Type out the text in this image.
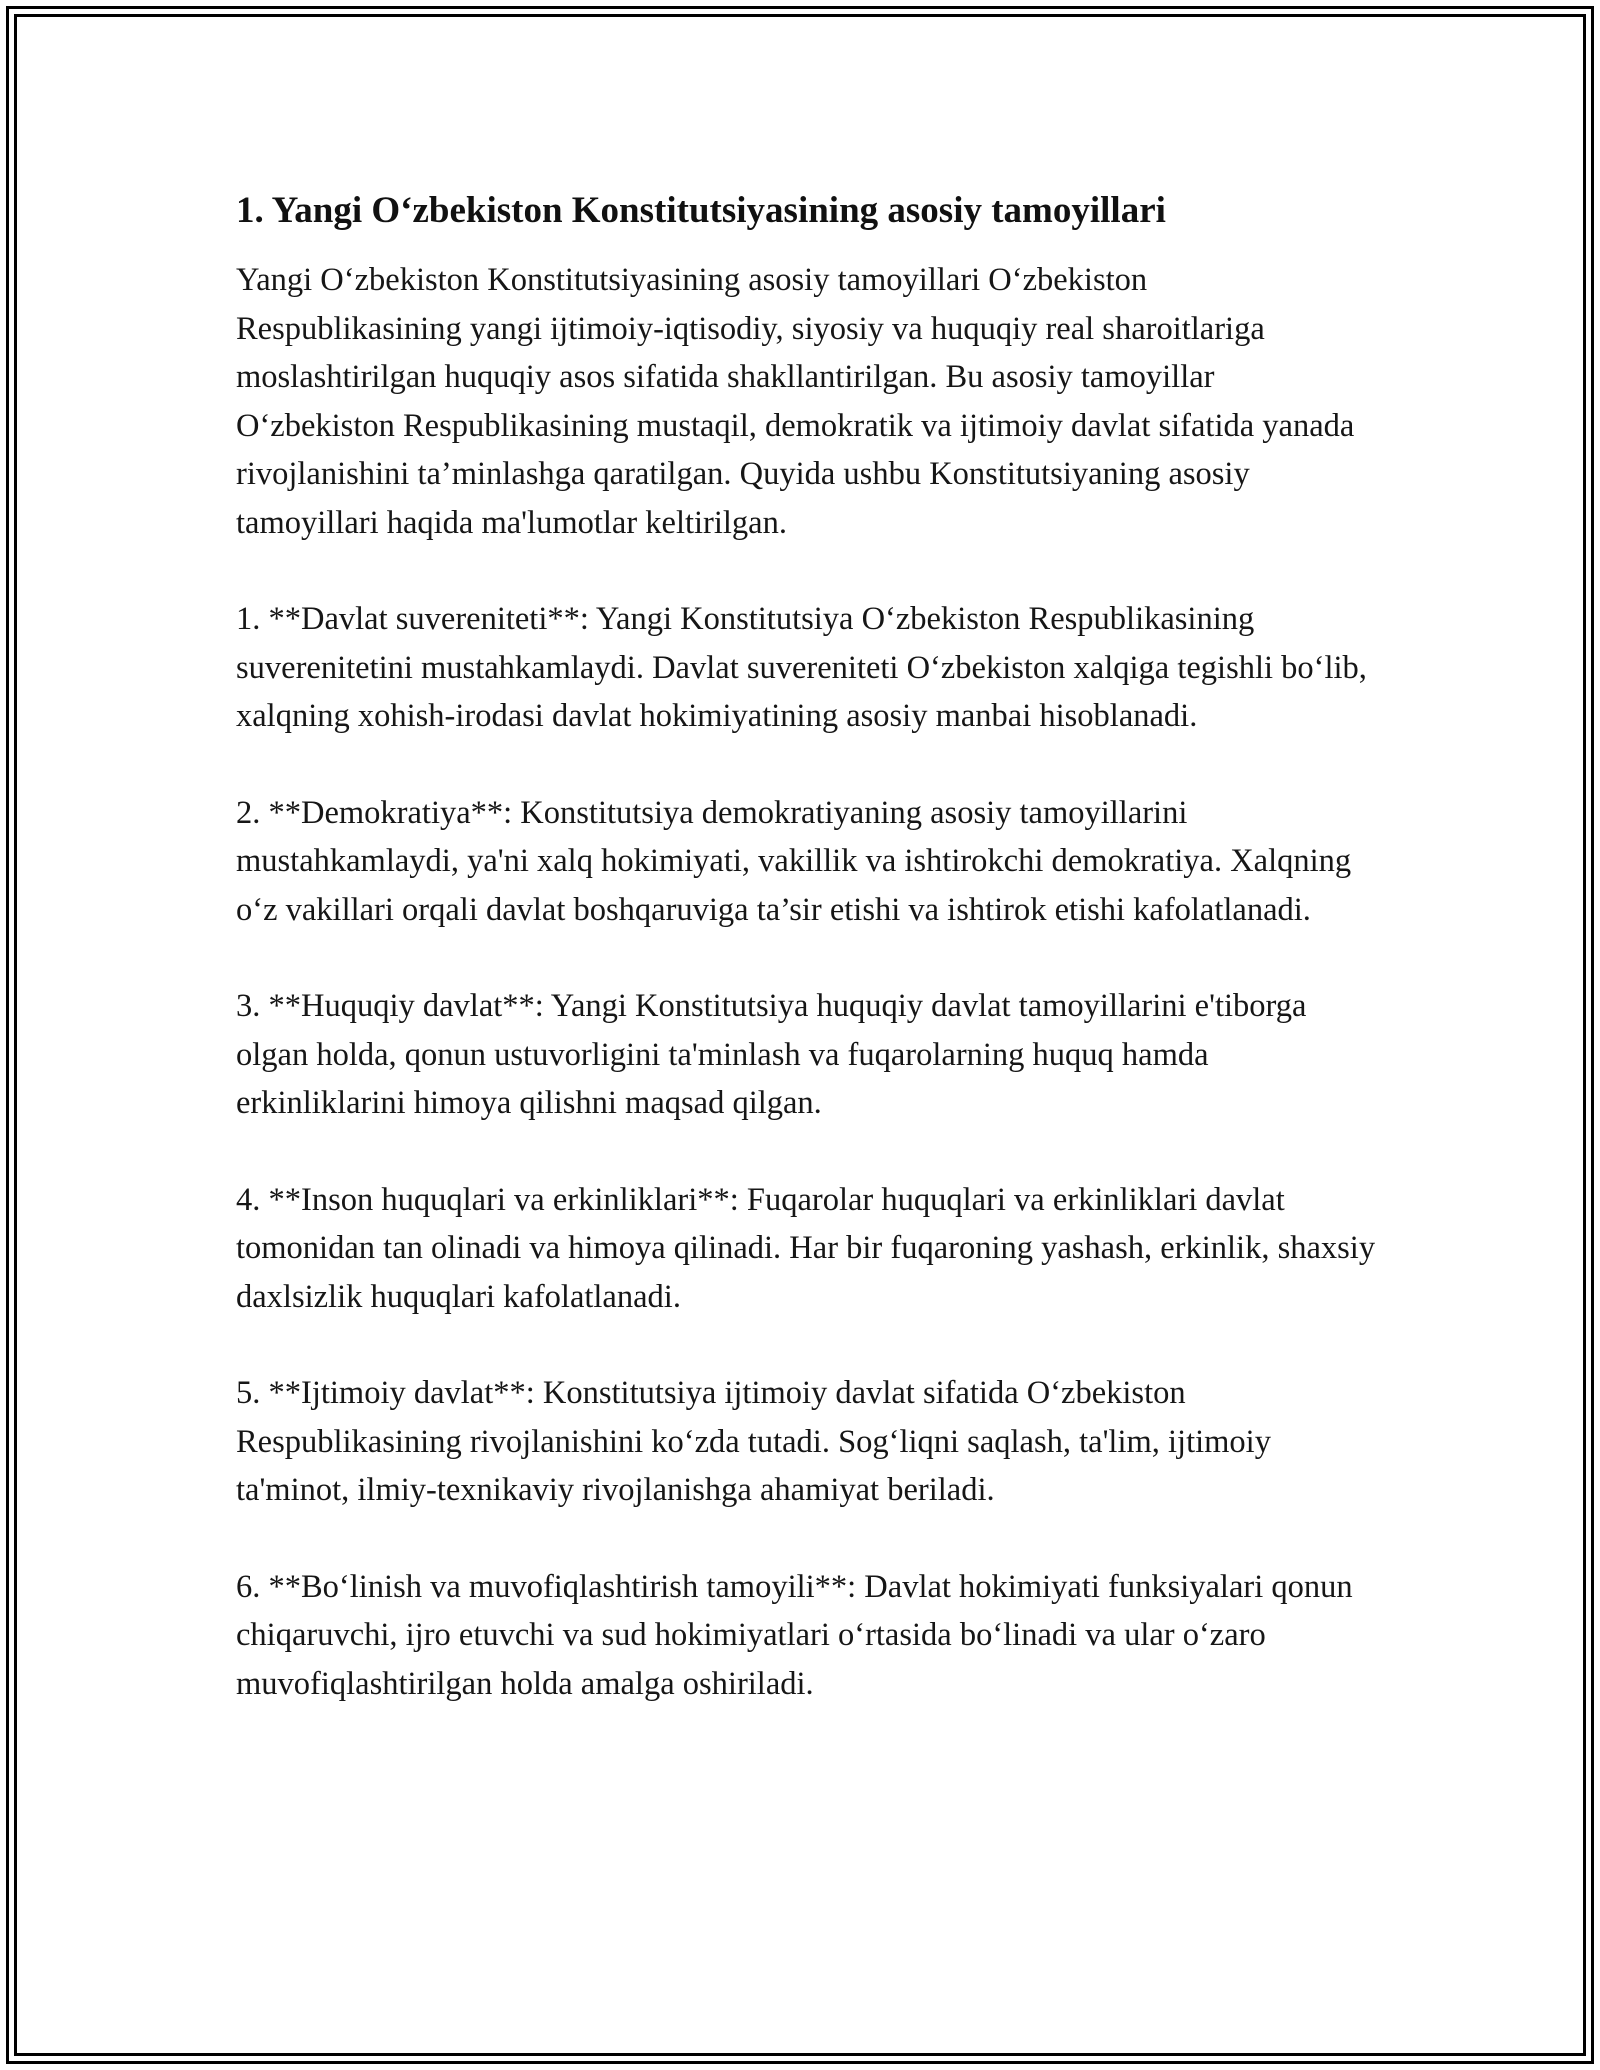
1. Yangi O‘zbekiston Konstitutsiyasining asosiy tamoyillari

Yangi O‘zbekiston Konstitutsiyasining asosiy tamoyillari O‘zbekiston Respublikasining yangi ijtimoiy-iqtisodiy, siyosiy va huquqiy real sharoitlariga moslashtirilgan huquqiy asos sifatida shakllantirilgan. Bu asosiy tamoyillar O‘zbekiston Respublikasining mustaqil, demokratik va ijtimoiy davlat sifatida yanada rivojlanishini ta’minlashga qaratilgan. Quyida ushbu Konstitutsiyaning asosiy tamoyillari haqida ma'lumotlar keltirilgan.

1. **Davlat suvereniteti**: Yangi Konstitutsiya O‘zbekiston Respublikasining suverenitetini mustahkamlaydi. Davlat suvereniteti O‘zbekiston xalqiga tegishli bo‘lib, xalqning xohish-irodasi davlat hokimiyatining asosiy manbai hisoblanadi.

2. **Demokratiya**: Konstitutsiya demokratiyaning asosiy tamoyillarini mustahkamlaydi, ya'ni xalq hokimiyati, vakillik va ishtirokchi demokratiya. Xalqning o‘z vakillari orqali davlat boshqaruviga ta’sir etishi va ishtirok etishi kafolatlanadi.

3. **Huquqiy davlat**: Yangi Konstitutsiya huquqiy davlat tamoyillarini e'tiborga olgan holda, qonun ustuvorligini ta'minlash va fuqarolarning huquq hamda erkinliklarini himoya qilishni maqsad qilgan.

4. **Inson huquqlari va erkinliklari**: Fuqarolar huquqlari va erkinliklari davlat tomonidan tan olinadi va himoya qilinadi. Har bir fuqaroning yashash, erkinlik, shaxsiy daxlsizlik huquqlari kafolatlanadi.

5. **Ijtimoiy davlat**: Konstitutsiya ijtimoiy davlat sifatida O‘zbekiston Respublikasining rivojlanishini ko‘zda tutadi. Sog‘liqni saqlash, ta'lim, ijtimoiy ta'minot, ilmiy-texnikaviy rivojlanishga ahamiyat beriladi.

6. **Bo‘linish va muvofiqlashtirish tamoyili**: Davlat hokimiyati funksiyalari qonun chiqaruvchi, ijro etuvchi va sud hokimiyatlari o‘rtasida bo‘linadi va ular o‘zaro muvofiqlashtirilgan holda amalga oshiriladi.
